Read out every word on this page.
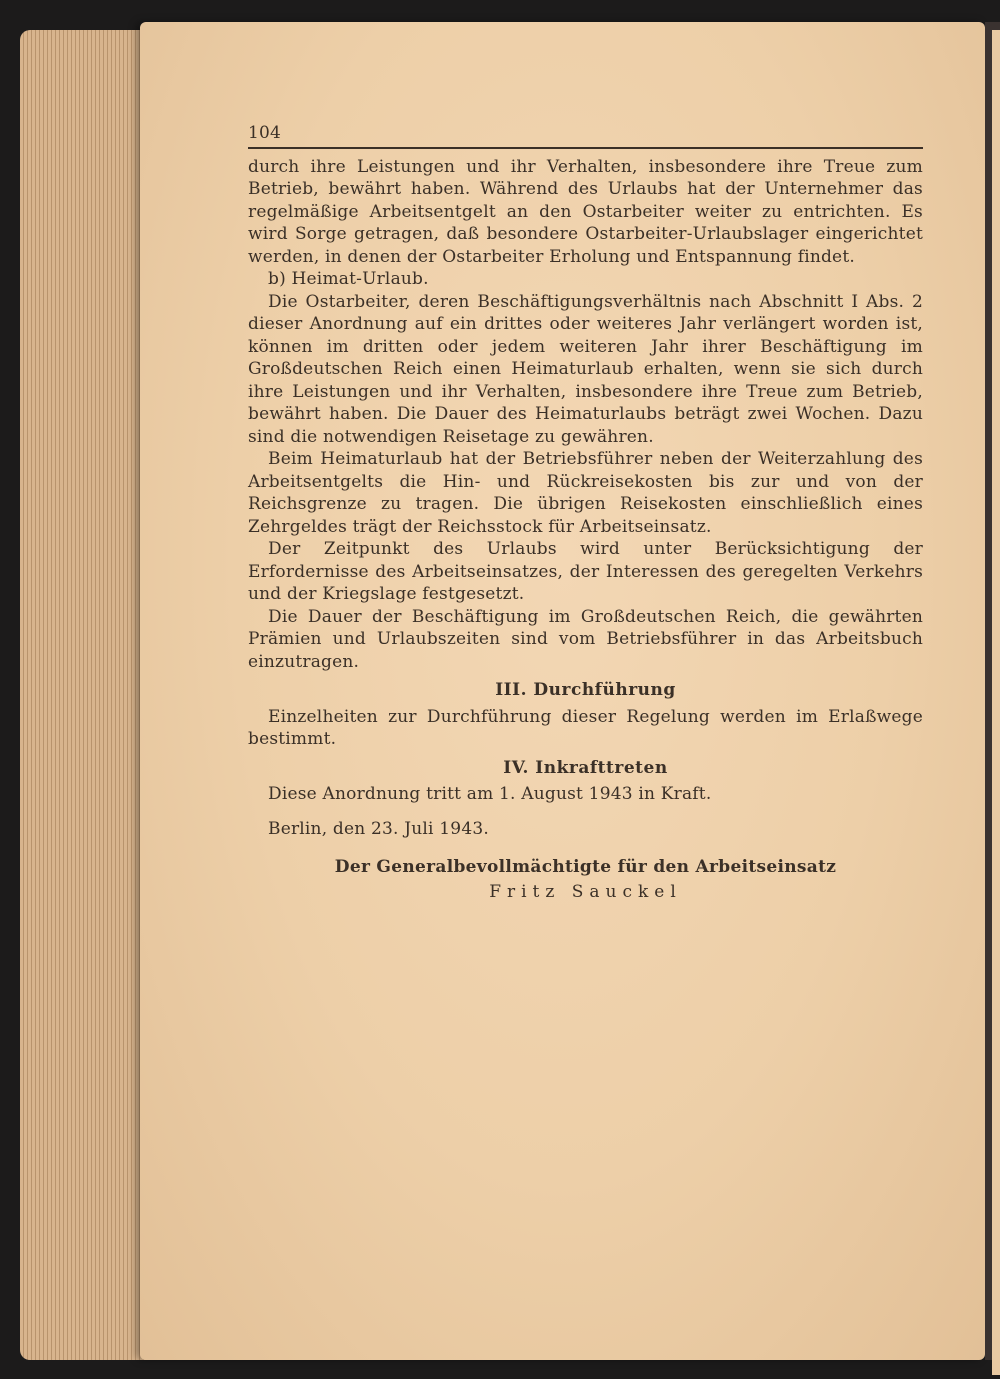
104

durch ihre Leistungen und ihr Verhalten, insbesondere ihre Treue zum Betrieb, bewährt haben. Während des Urlaubs hat der Unternehmer das regelmäßige Arbeitsentgelt an den Ostarbeiter weiter zu entrichten. Es wird Sorge getragen, daß besondere Ostarbeiter-Urlaubslager eingerichtet werden, in denen der Ostarbeiter Erholung und Entspannung findet.

b) Heimat-Urlaub.

Die Ostarbeiter, deren Beschäftigungsverhältnis nach Abschnitt I Abs. 2 dieser Anordnung auf ein drittes oder weiteres Jahr verlängert worden ist, können im dritten oder jedem weiteren Jahr ihrer Beschäftigung im Großdeutschen Reich einen Heimaturlaub erhalten, wenn sie sich durch ihre Leistungen und ihr Verhalten, insbesondere ihre Treue zum Betrieb, bewährt haben. Die Dauer des Heimaturlaubs beträgt zwei Wochen. Dazu sind die notwendigen Reisetage zu gewähren.

Beim Heimaturlaub hat der Betriebsführer neben der Weiterzahlung des Arbeitsentgelts die Hin- und Rückreisekosten bis zur und von der Reichsgrenze zu tragen. Die übrigen Reisekosten einschließlich eines Zehrgeldes trägt der Reichsstock für Arbeitseinsatz.

Der Zeitpunkt des Urlaubs wird unter Berücksichtigung der Erfordernisse des Arbeitseinsatzes, der Interessen des geregelten Verkehrs und der Kriegslage festgesetzt.

Die Dauer der Beschäftigung im Großdeutschen Reich, die gewährten Prämien und Urlaubszeiten sind vom Betriebsführer in das Arbeitsbuch einzutragen.

III. Durchführung

Einzelheiten zur Durchführung dieser Regelung werden im Erlaßwege bestimmt.

IV. Inkrafttreten

Diese Anordnung tritt am 1. August 1943 in Kraft.

Berlin, den 23. Juli 1943.

Der Generalbevollmächtigte für den Arbeitseinsatz
Fritz Sauckel
